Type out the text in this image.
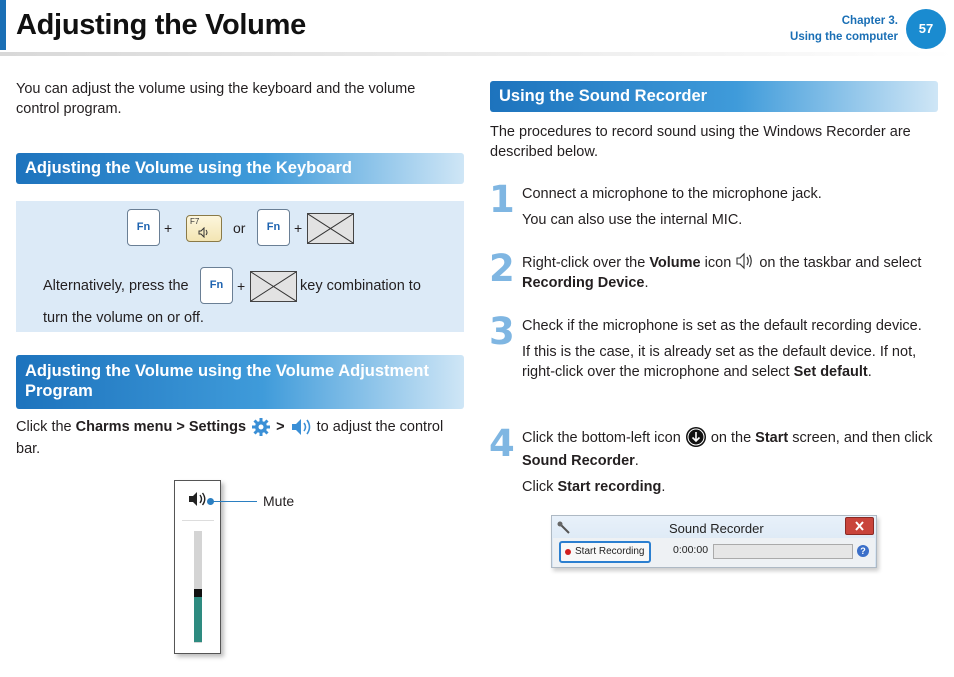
Adjusting the Volume	Chapter 3.
Using the computer
57
You can adjust the volume using the keyboard and the volume control program.
Adjusting the Volume using the Keyboard
Fn + F7 or	Fn +
Alternatively, press the	Fn +	key combination to
turn the volume on or off.
Adjusting the Volume using the Volume Adjustment Program
Click the Charms menu > Settings  >  to adjust the control bar.
Mute
Using the Sound Recorder
The procedures to record sound using the Windows Recorder are described below.
1 Connect a microphone to the microphone jack.
You can also use the internal MIC.
2 Right-click over the Volume icon  on the taskbar and select Recording Device.
3 Check if the microphone is set as the default recording device.
If this is the case, it is already set as the default device. If not, right-click over the microphone and select Set default.
4 Click the bottom-left icon  on the Start screen, and then click Sound Recorder.
Click Start recording.
Sound Recorder
Start Recording	0:00:00	?
